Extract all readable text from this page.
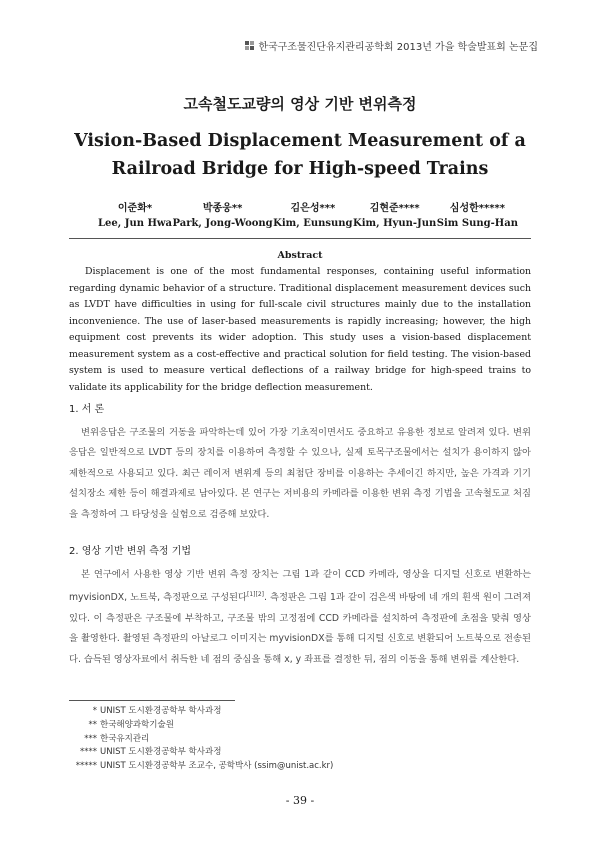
한국구조물진단유지관리공학회 2013년 가을 학술발표회 논문집
고속철도교량의 영상 기반 변위측정
Vision-Based Displacement Measurement of a Railroad Bridge for High-speed Trains
이준화*
Lee, Jun Hwa
박종웅**
Park, Jong-Woong
김은성***
Kim, Eunsung
김현준****
Kim, Hyun-Jun
심성한*****
Sim Sung-Han
Abstract
Displacement is one of the most fundamental responses, containing useful information regarding dynamic behavior of a structure. Traditional displacement measurement devices such as LVDT have difficulties in using for full-scale civil structures mainly due to the installation inconvenience. The use of laser-based measurements is rapidly increasing; however, the high equipment cost prevents its wider adoption. This study uses a vision-based displacement measurement system as a cost-effective and practical solution for field testing. The vision-based system is used to measure vertical deflections of a railway bridge for high-speed trains to validate its applicability for the bridge deflection measurement.
1. 서 론
변위응답은 구조물의 거동을 파악하는데 있어 가장 기초적이면서도 중요하고 유용한 정보로 알려져 있다. 변위응답은 일반적으로 LVDT 등의 장치를 이용하여 측정할 수 있으나, 실제 토목구조물에서는 설치가 용이하지 않아 제한적으로 사용되고 있다. 최근 레이저 변위계 등의 최첨단 장비를 이용하는 추세이긴 하지만, 높은 가격과 기기 설치장소 제한 등이 해결과제로 남아있다. 본 연구는 저비용의 카메라를 이용한 변위 측정 기법을 고속철도교 처짐을 측정하여 그 타당성을 실험으로 검증해 보았다.
2. 영상 기반 변위 측정 기법
본 연구에서 사용한 영상 기반 변위 측정 장치는 그림 1과 같이 CCD 카메라, 영상을 디지털 신호로 변환하는 myvisionDX, 노트북, 측정판으로 구성된다[1][2]. 측정판은 그림 1과 같이 검은색 바탕에 네 개의 흰색 원이 그려져 있다. 이 측정판은 구조물에 부착하고, 구조물 밖의 고정점에 CCD 카메라를 설치하여 측정판에 초점을 맞춰 영상을 촬영한다. 촬영된 측정판의 아날로그 이미지는 myvisionDX를 통해 디지털 신호로 변환되어 노트북으로 전송된다. 습득된 영상자료에서 취득한 네 점의 중심을 통해 x, y 좌표를 결정한 뒤, 점의 이동을 통해 변위를 계산한다.
* UNIST 도시환경공학부 학사과정
** 한국해양과학기술원
*** 한국유지관리
**** UNIST 도시환경공학부 학사과정
***** UNIST 도시환경공학부 조교수, 공학박사 (ssim@unist.ac.kr)
- 39 -
